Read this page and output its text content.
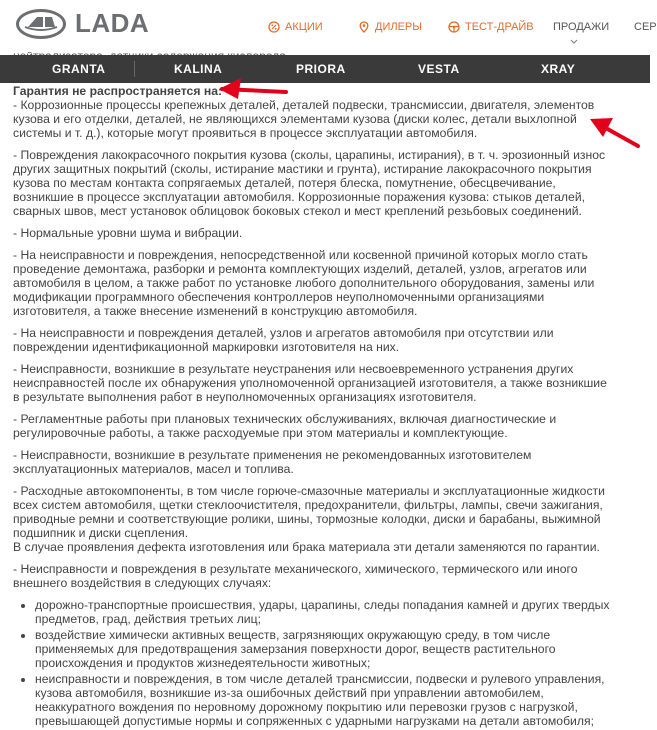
Гарантия не распространяется на:

- Коррозионные процессы крепежных деталей, деталей подвески, трансмиссии, двигателя, элементов кузова и его отделки, деталей, не являющихся элементами кузова (диски колес, детали выхлопной системы и т. д.), которые могут проявиться в процессе эксплуатации автомобиля.

- Повреждения лакокрасочного покрытия кузова (сколы, царапины, истирания), в т. ч. эрозионный износ других защитных покрытий (сколы, истирание мастики и грунта), истирание лакокрасочного покрытия кузова по местам контакта сопрягаемых деталей, потеря блеска, помутнение, обесцвечивание, возникшие в процессе эксплуатации автомобиля. Коррозионные поражения кузова: стыков деталей, сварных швов, мест установок облицовок боковых стекол и мест креплений резьбовых соединений.

- Нормальные уровни шума и вибрации.

- На неисправности и повреждения, непосредственной или косвенной причиной которых могло стать проведение демонтажа, разборки и ремонта комплектующих изделий, деталей, узлов, агрегатов или автомобиля в целом, а также работ по установке любого дополнительного оборудования, замены или модификации программного обеспечения контроллеров неуполномоченными организациями изготовителя, а также внесение изменений в конструкцию автомобиля.

- На неисправности и повреждения деталей, узлов и агрегатов автомобиля при отсутствии или повреждении идентификационной маркировки изготовителя на них.

- Неисправности, возникшие в результате неустранения или несвоевременного устранения других неисправностей после их обнаружения уполномоченной организацией изготовителя, а также возникшие в результате выполнения работ в неуполномоченных организациях изготовителя.

- Регламентные работы при плановых технических обслуживаниях, включая диагностические и регулировочные работы, а также расходуемые при этом материалы и комплектующие.

- Неисправности, возникшие в результате применения не рекомендованных изготовителем эксплуатационных материалов, масел и топлива.

- Расходные автокомпоненты, в том числе горюче-смазочные материалы и эксплуатационные жидкости всех систем автомобиля, щетки стеклоочистителя, предохранители, фильтры, лампы, свечи зажигания, приводные ремни и соответствующие ролики, шины, тормозные колодки, диски и барабаны, выжимной подшипник и диски сцепления.
В случае проявления дефекта изготовления или брака материала эти детали заменяются по гарантии.

- Неисправности и повреждения в результате механического, химического, термического или иного внешнего воздействия в следующих случаях:

• дорожно-транспортные происшествия, удары, царапины, следы попадания камней и других твердых предметов, град, действия третьих лиц;
• воздействие химически активных веществ, загрязняющих окружающую среду, в том числе применяемых для предотвращения замерзания поверхности дорог, веществ растительного происхождения и продуктов жизнедеятельности животных;
• неисправности и повреждения, в том числе деталей трансмиссии, подвески и рулевого управления, кузова автомобиля, возникшие из-за ошибочных действий при управлении автомобилем, неаккуратного вождения по неровному дорожному покрытию или перевозки грузов с нагрузкой, превышающей допустимые нормы и сопряженных с ударными нагрузками на детали автомобиля;
LADA	АКЦИИ	ДИЛЕРЫ	ТЕСТ-ДРАЙВ ПРОДАЖИ СЕР
GRANTA	KALINA	PRIORA	VESTA	XRAY
